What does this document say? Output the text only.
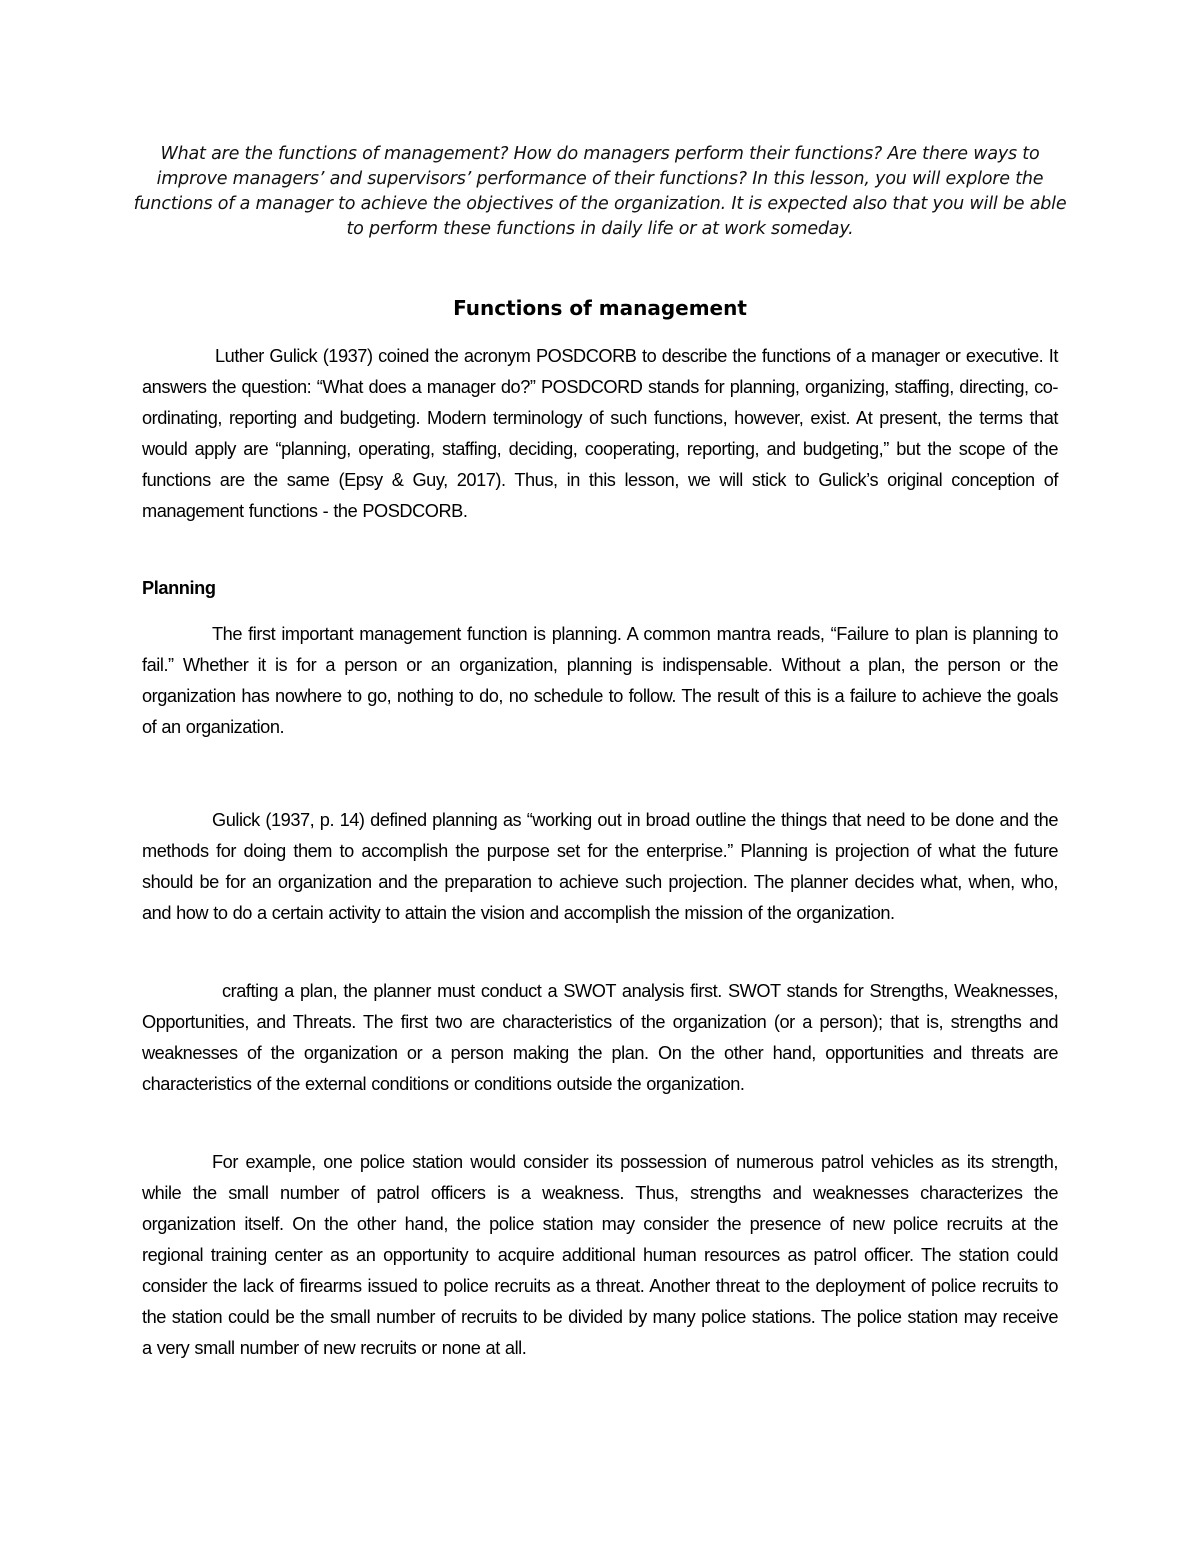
What are the functions of management? How do managers perform their functions? Are there ways to improve managers’ and supervisors’ performance of their functions? In this lesson, you will explore the functions of a manager to achieve the objectives of the organization. It is expected also that you will be able to perform these functions in daily life or at work someday.
Functions of management

Luther Gulick (1937) coined the acronym POSDCORB to describe the functions of a manager or executive. It answers the question: “What does a manager do?” POSDCORD stands for planning, organizing, staffing, directing, co-ordinating, reporting and budgeting. Modern terminology of such functions, however, exist. At present, the terms that would apply are “planning, operating, staffing, deciding, cooperating, reporting, and budgeting,” but the scope of the functions are the same (Epsy & Guy, 2017). Thus, in this lesson, we will stick to Gulick’s original conception of management functions - the POSDCORB.

Planning

The first important management function is planning. A common mantra reads, “Failure to plan is planning to fail.” Whether it is for a person or an organization, planning is indispensable. Without a plan, the person or the organization has nowhere to go, nothing to do, no schedule to follow. The result of this is a failure to achieve the goals of an organization.

Gulick (1937, p. 14) defined planning as “working out in broad outline the things that need to be done and the methods for doing them to accomplish the purpose set for the enterprise.” Planning is projection of what the future should be for an organization and the preparation to achieve such projection. The planner decides what, when, who, and how to do a certain activity to attain the vision and accomplish the mission of the organization.

crafting a plan, the planner must conduct a SWOT analysis first. SWOT stands for Strengths, Weaknesses, Opportunities, and Threats. The first two are characteristics of the organization (or a person); that is, strengths and weaknesses of the organization or a person making the plan. On the other hand, opportunities and threats are characteristics of the external conditions or conditions outside the organization.

For example, one police station would consider its possession of numerous patrol vehicles as its strength, while the small number of patrol officers is a weakness. Thus, strengths and weaknesses characterizes the organization itself. On the other hand, the police station may consider the presence of new police recruits at the regional training center as an opportunity to acquire additional human resources as patrol officer. The station could consider the lack of firearms issued to police recruits as a threat. Another threat to the deployment of police recruits to the station could be the small number of recruits to be divided by many police stations. The police station may receive a very small number of new recruits or none at all.
